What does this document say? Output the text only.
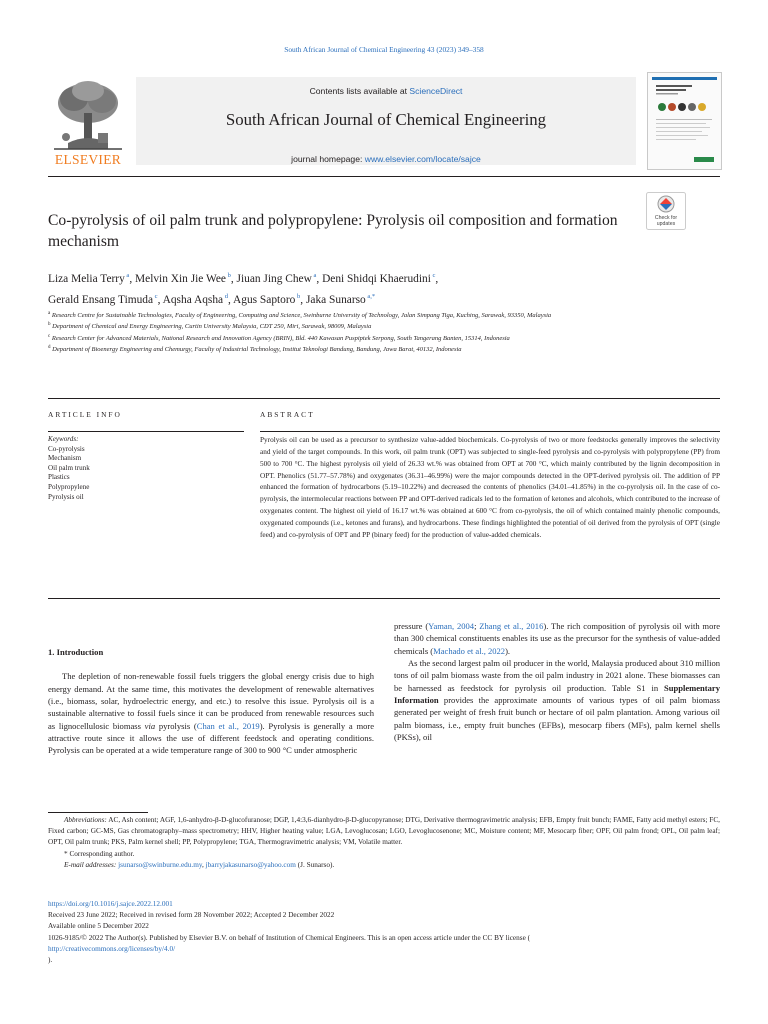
South African Journal of Chemical Engineering 43 (2023) 349–358
ELSEVIER
Contents lists available at ScienceDirect
South African Journal of Chemical Engineering
journal homepage: www.elsevier.com/locate/sajce
Co-pyrolysis of oil palm trunk and polypropylene: Pyrolysis oil composition and formation mechanism
Check for
updates
Liza Melia Terry $^a$, Melvin Xin Jie Wee $^b$, Jiuan Jing Chew $^a$, Deni Shidqi Khaerudini $^c$,
Gerald Ensang Timuda $^c$, Aqsha Aqsha $^d$, Agus Saptoro $^b$, Jaka Sunarso $^{a,*}$
$^a$ Research Centre for Sustainable Technologies, Faculty of Engineering, Computing and Science, Swinburne University of Technology, Jalan Simpang Tiga, Kuching, Sarawak, 93350, Malaysia
$^b$ Department of Chemical and Energy Engineering, Curtin University Malaysia, CDT 250, Miri, Sarawak, 98009, Malaysia
$^c$ Research Center for Advanced Materials, National Research and Innovation Agency (BRIN), Bld. 440 Kawasan Puspiptek Serpong, South Tangerang Banten, 15314, Indonesia
$^d$ Department of Bioenergy Engineering and Chemurgy, Faculty of Industrial Technology, Institut Teknologi Bandung, Bandung, Jawa Barat, 40132, Indonesia
ARTICLE INFO	ABSTRACT
Keywords:
Co-pyrolysis
Mechanism
Oil palm trunk
Plastics
Polypropylene
Pyrolysis oil
Pyrolysis oil can be used as a precursor to synthesize value-added biochemicals. Co-pyrolysis of two or more feedstocks generally improves the selectivity and yield of the target compounds. In this work, oil palm trunk (OPT) was subjected to single-feed pyrolysis and co-pyrolysis with polypropylene (PP) from 500 to 700 °C. The highest pyrolysis oil yield of 26.33 wt.% was obtained from OPT at 700 °C, which mainly contributed by the lignin decomposition in OPT. Phenolics (51.77–57.78%) and oxygenates (36.31–46.99%) were the major compounds detected in the OPT-derived pyrolysis oil. The addition of PP enhanced the formation of hydrocarbons (5.19–10.22%) and decreased the contents of phenolics (34.01–41.85%) in the co-pyrolysis oil. In the case of co-pyrolysis, the intermolecular reactions between PP and OPT-derived radicals led to the formation of ketones and alcohols, which contributed to the increase of oxygenates content. The highest oil yield of 16.17 wt.% was obtained at 600 °C from co-pyrolysis, the oil of which contained mainly phenolic compounds, oxygenated compounds (i.e., ketones and furans), and hydrocarbons. These findings highlighted the potential of oil derived from the pyrolysis of OPT (single feed) and co-pyrolysis of OPT and PP (binary feed) for the production of value-added chemicals.
1. Introduction

The depletion of non-renewable fossil fuels triggers the global energy crisis due to high energy demand. At the same time, this motivates the development of renewable alternatives (i.e., biomass, solar, hydroelectric energy, and etc.) to resolve this issue. Pyrolysis oil is a sustainable alternative to fossil fuels since it can be produced from renewable resources such as lignocellulosic biomass via pyrolysis (Chan et al., 2019). Pyrolysis is generally a more attractive route since it allows the use of different feedstock and operating conditions. Pyrolysis can be operated at a wide temperature range of 300 to 900 °C under atmospheric

pressure (Yaman, 2004; Zhang et al., 2016). The rich composition of pyrolysis oil with more than 300 chemical constituents enables its use as the precursor for the synthesis of value-added chemicals (Machado et al., 2022).

As the second largest palm oil producer in the world, Malaysia produced about 310 million tons of oil palm biomass waste from the oil palm industry in 2021 alone. These biomasses can be harnessed as feedstock for pyrolysis oil production. Table S1 in Supplementary Information provides the approximate amounts of various types of oil palm biomass generated per weight of fresh fruit bunch or hectare of oil palm plantation. Among various oil palm biomass, i.e., empty fruit bunches (EFBs), mesocarp fibers (MFs), palm kernel shells (PKSs), oil

Abbreviations: AC, Ash content; AGF, 1,6-anhydro-β-D-glucofuranose; DGP, 1,4:3,6-dianhydro-β-D-glucopyranose; DTG, Derivative thermogravimetric analysis; EFB, Empty fruit bunch; FAME, Fatty acid methyl esters; FC, Fixed carbon; GC-MS, Gas chromatography–mass spectrometry; HHV, Higher heating value; LGA, Levoglucosan; LGO, Levoglucosenone; MC, Moisture content; MF, Mesocarp fiber; OPF, Oil palm frond; OPL, Oil palm leaf; OPT, Oil palm trunk; PKS, Palm kernel shell; PP, Polypropylene; TGA, Thermogravimetric analysis; VM, Volatile matter.
* Corresponding author.
E-mail addresses: jsunarso@swinburne.edu.my, jbarryjakasunarso@yahoo.com (J. Sunarso).
https://doi.org/10.1016/j.sajce.2022.12.001
Received 23 June 2022; Received in revised form 28 November 2022; Accepted 2 December 2022
Available online 5 December 2022
1026-9185/© 2022 The Author(s). Published by Elsevier B.V. on behalf of Institution of Chemical Engineers. This is an open access article under the CC BY license (
http://creativecommons.org/licenses/by/4.0/
).
